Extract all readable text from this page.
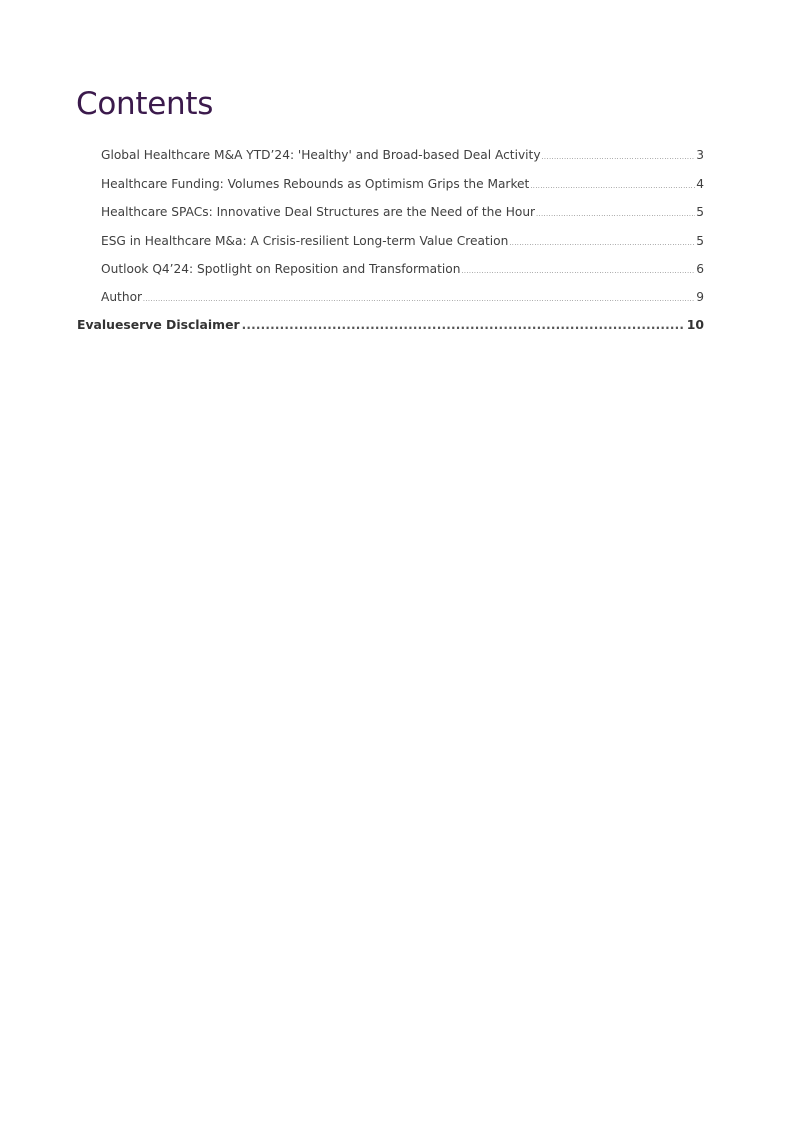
Contents
Global Healthcare M&A YTD’24: 'Healthy' and Broad-based Deal Activity .....	3
Healthcare Funding: Volumes Rebounds as Optimism Grips the Market .....	4
Healthcare SPACs: Innovative Deal Structures are the Need of the Hour .....	5
ESG in Healthcare M&a: A Crisis-resilient Long-term Value Creation .....	5
Outlook Q4’24: Spotlight on Reposition and Transformation .....	6
Author .....	9
Evalueserve Disclaimer .....	10
